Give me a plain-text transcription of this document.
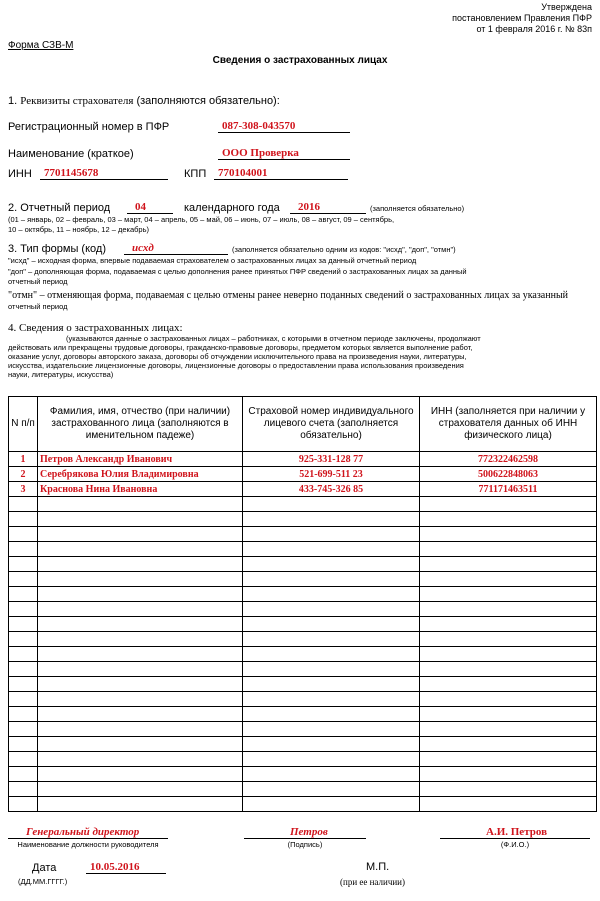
Утверждена
постановлением Правления ПФР
от 1 февраля 2016 г. № 83п
Форма СЗВ-М
Сведения о застрахованных лицах
1. Реквизиты страхователя (заполняются обязательно):
Регистрационный номер в ПФР	087-308-043570
Наименование (краткое)	ООО Проверка
ИНН 7701145678	КПП 770104001
2. Отчетный период 04	календарного года 2016	(заполняется обязательно)
(01 – январь, 02 – февраль, 03 – март, 04 – апрель, 05 – май, 06 – июнь, 07 – июль, 08 – август, 09 – сентябрь,
10 – октябрь, 11 – ноябрь, 12 – декабрь)
3. Тип формы (код) исхд	(заполняется обязательно одним из кодов: "исхд", "доп", "отмн")
"исхд" – исходная форма, впервые подаваемая страхователем о застрахованных лицах за данный отчетный период
"доп" – дополняющая форма, подаваемая с целью дополнения ранее принятых ПФР сведений о застрахованных лицах за данный
отчетный период
"отмн" – отменяющая форма, подаваемая с целью отмены ранее неверно поданных сведений о застрахованных лицах за указанный
отчетный период
4. Сведения о застрахованных лицах:
(указываются данные о застрахованных лицах – работниках, с которыми в отчетном периоде заключены, продолжают
действовать или прекращены трудовые договоры, гражданско-правовые договоры, предметом которых является выполнение работ,
оказание услуг, договоры авторского заказа, договоры об отчуждении исключительного права на произведения науки, литературы,
искусства, издательские лицензионные договоры, лицензионные договоры о предоставлении права использования произведения
науки, литературы, искусства)
N п/п	Фамилия, имя, отчество (при наличии) застрахованного лица (заполняются в именительном падеже)	Страховой номер индивидуального лицевого счета (заполняется обязательно)	ИНН (заполняется при наличии у страхователя данных об ИНН физического лица)
1	Петров Александр Иванович	925-331-128 77	772322462598
2	Серебрякова Юлия Владимировна	521-699-511 23	500622848063
3	Краснова Нина Ивановна	433-745-326 85	771171463511

Генеральный директор
Наименование должности руководителя
Петров
(Подпись)
А.И. Петров
(Ф.И.О.)
Дата	10.05.2016
(ДД.ММ.ГГГГ.)
М.П.
(при ее наличии)
